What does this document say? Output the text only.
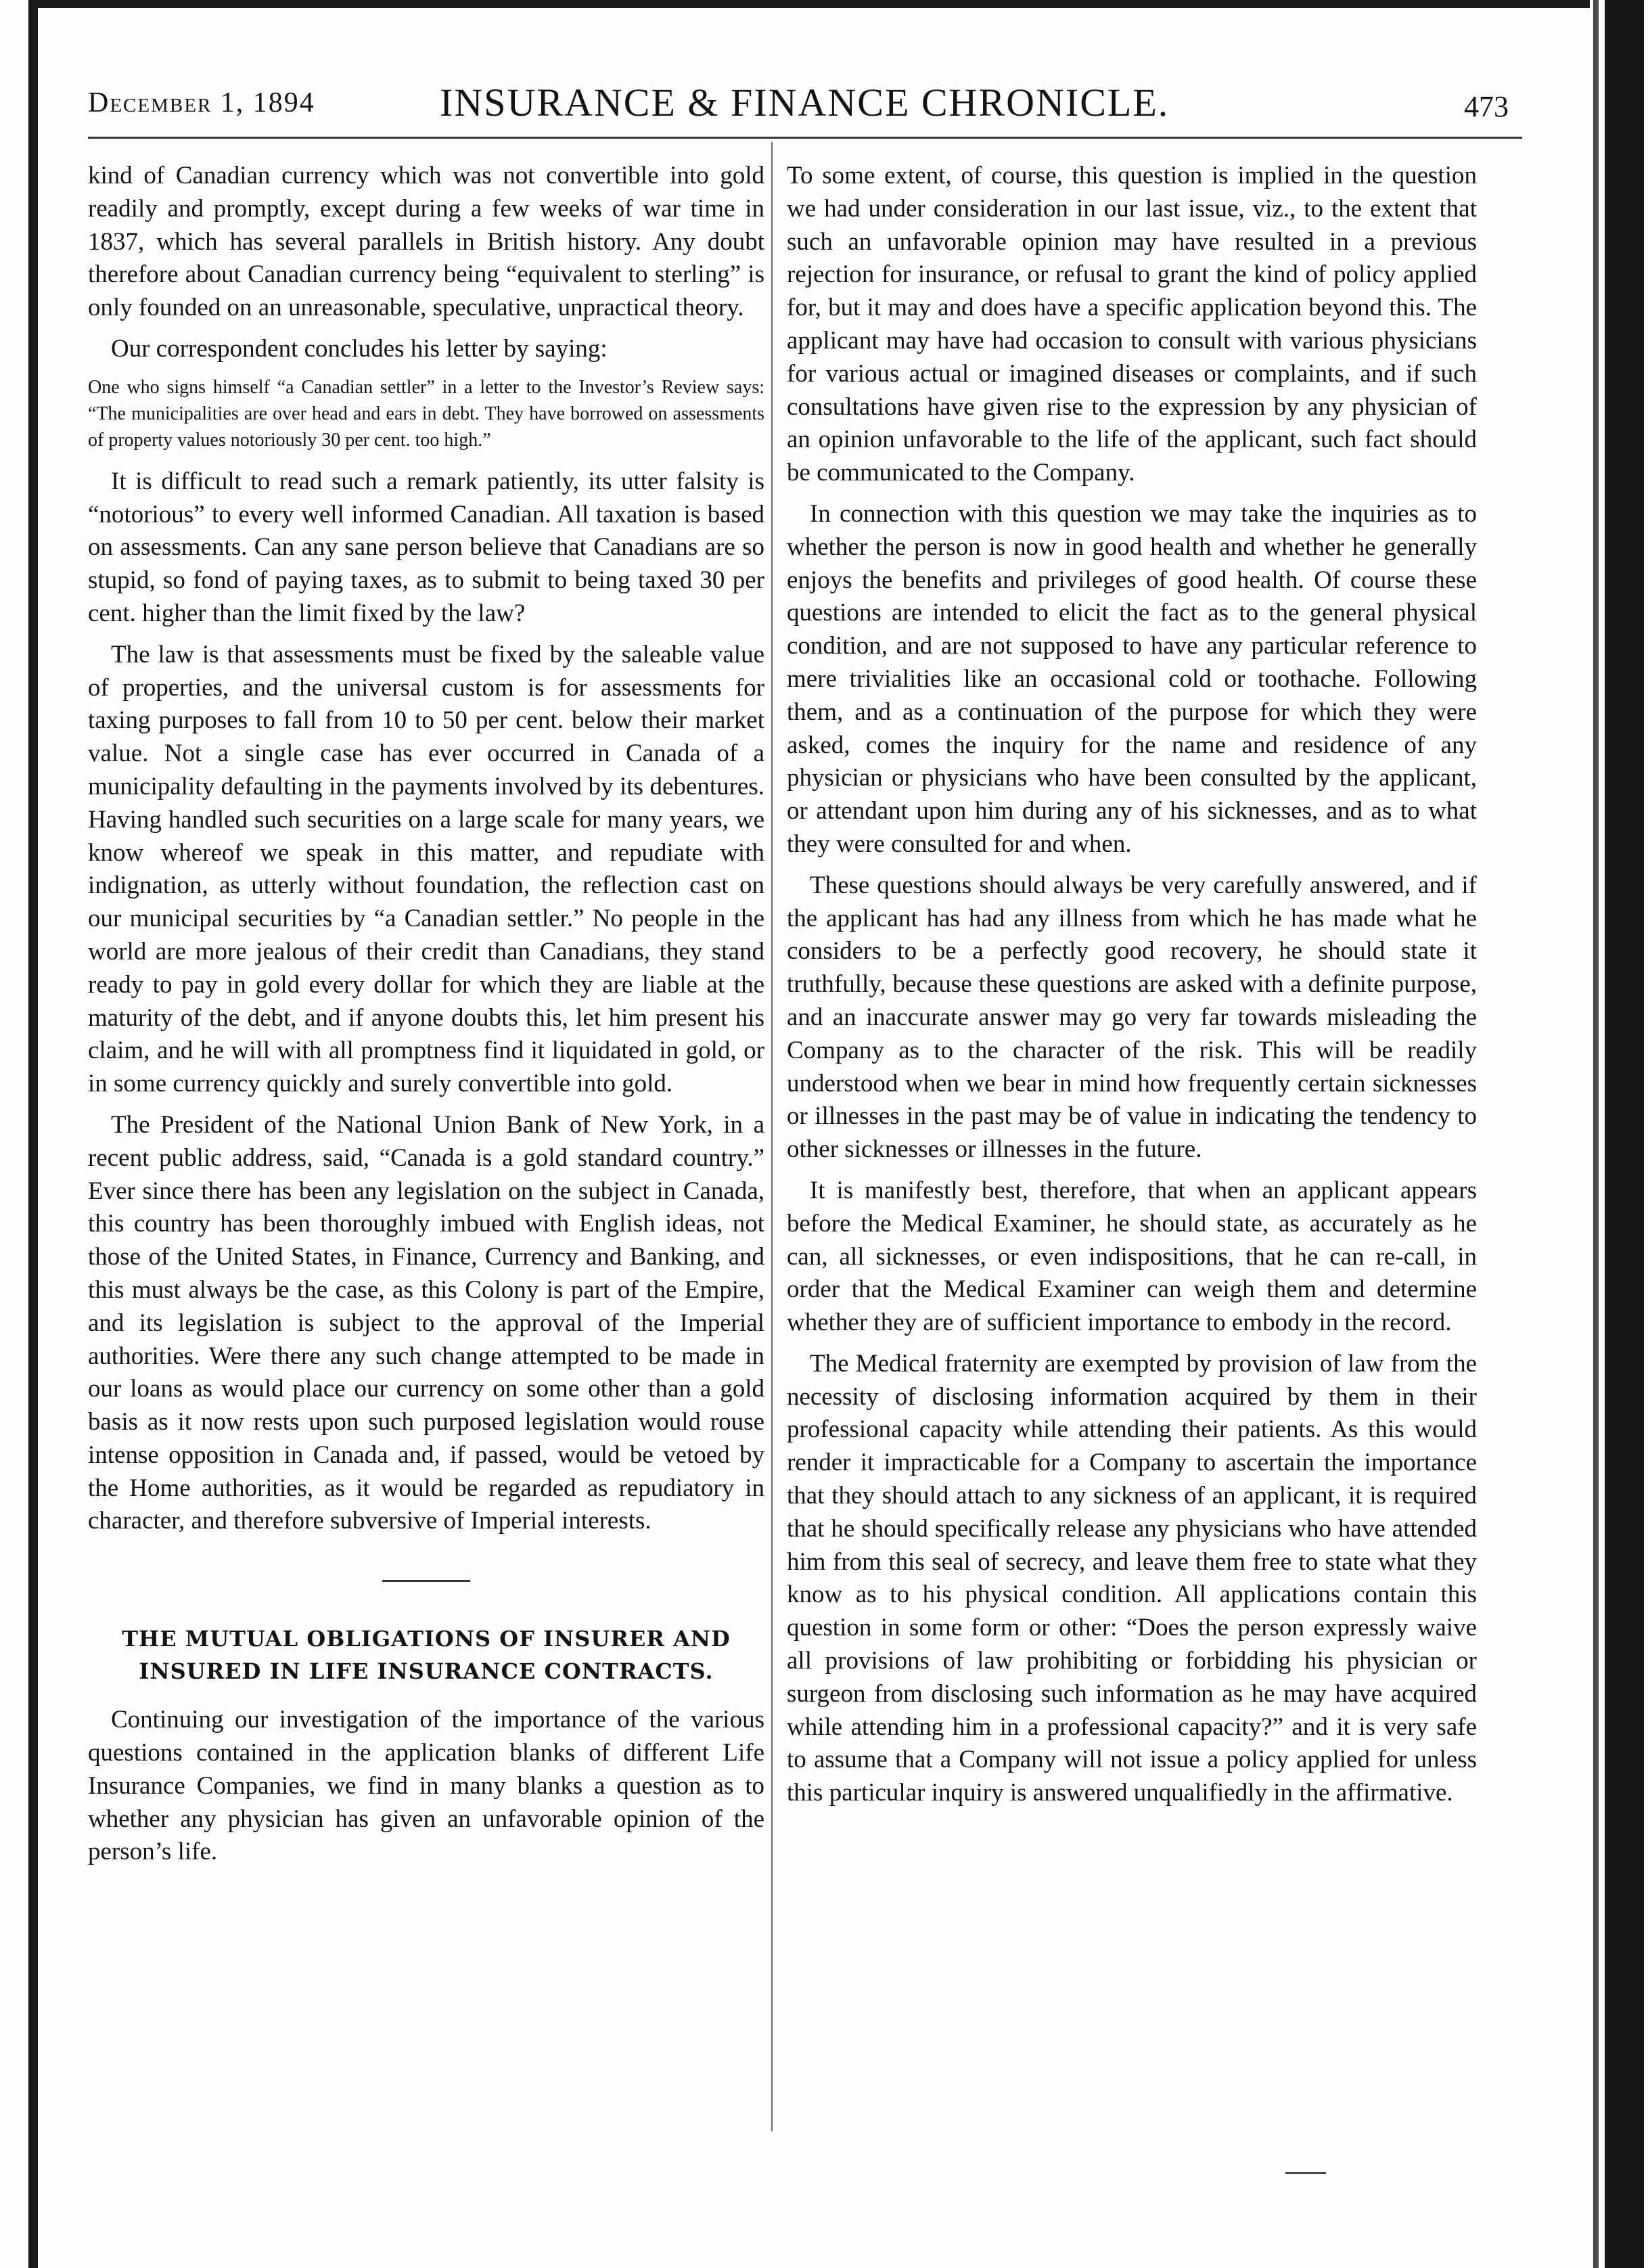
December 1, 1894	INSURANCE & FINANCE CHRONICLE.	473

kind of Canadian currency which was not convertible into gold readily and promptly, except during a few weeks of war time in 1837, which has several parallels in British history. Any doubt therefore about Canadian currency being “equivalent to sterling” is only founded on an unreasonable, speculative, unpractical theory.

Our correspondent concludes his letter by saying:

One who signs himself “a Canadian settler” in a letter to the Investor’s Review says: “The municipalities are over head and ears in debt. They have borrowed on assessments of property values notoriously 30 per cent. too high.”

It is difficult to read such a remark patiently, its utter falsity is “notorious” to every well informed Canadian. All taxation is based on assessments. Can any sane person believe that Canadians are so stupid, so fond of paying taxes, as to submit to being taxed 30 per cent. higher than the limit fixed by the law?

The law is that assessments must be fixed by the saleable value of properties, and the universal custom is for assessments for taxing purposes to fall from 10 to 50 per cent. below their market value. Not a single case has ever occurred in Canada of a municipality defaulting in the payments involved by its debentures. Having handled such securities on a large scale for many years, we know whereof we speak in this matter, and repudiate with indignation, as utterly without foundation, the reflection cast on our municipal securities by “a Canadian settler.” No people in the world are more jealous of their credit than Canadians, they stand ready to pay in gold every dollar for which they are liable at the maturity of the debt, and if anyone doubts this, let him present his claim, and he will with all promptness find it liquidated in gold, or in some currency quickly and surely convertible into gold.

The President of the National Union Bank of New York, in a recent public address, said, “Canada is a gold standard country.” Ever since there has been any legislation on the subject in Canada, this country has been thoroughly imbued with English ideas, not those of the United States, in Finance, Currency and Banking, and this must always be the case, as this Colony is part of the Empire, and its legislation is subject to the approval of the Imperial authorities. Were there any such change attempted to be made in our loans as would place our currency on some other than a gold basis as it now rests upon such purposed legislation would rouse intense opposition in Canada and, if passed, would be vetoed by the Home authorities, as it would be regarded as repudiatory in character, and therefore subversive of Imperial interests.

THE MUTUAL OBLIGATIONS OF INSURER AND INSURED IN LIFE INSURANCE CONTRACTS.

Continuing our investigation of the importance of the various questions contained in the application blanks of different Life Insurance Companies, we find in many blanks a question as to whether any physician has given an unfavorable opinion of the person’s life.

To some extent, of course, this question is implied in the question we had under consideration in our last issue, viz., to the extent that such an unfavorable opinion may have resulted in a previous rejection for insurance, or refusal to grant the kind of policy applied for, but it may and does have a specific application beyond this. The applicant may have had occasion to consult with various physicians for various actual or imagined diseases or complaints, and if such consultations have given rise to the expression by any physician of an opinion unfavorable to the life of the applicant, such fact should be communicated to the Company.

In connection with this question we may take the inquiries as to whether the person is now in good health and whether he generally enjoys the benefits and privileges of good health. Of course these questions are intended to elicit the fact as to the general physical condition, and are not supposed to have any particular reference to mere trivialities like an occasional cold or toothache. Following them, and as a continuation of the purpose for which they were asked, comes the inquiry for the name and residence of any physician or physicians who have been consulted by the applicant, or attendant upon him during any of his sicknesses, and as to what they were consulted for and when.

These questions should always be very carefully answered, and if the applicant has had any illness from which he has made what he considers to be a perfectly good recovery, he should state it truthfully, because these questions are asked with a definite purpose, and an inaccurate answer may go very far towards misleading the Company as to the character of the risk. This will be readily understood when we bear in mind how frequently certain sicknesses or illnesses in the past may be of value in indicating the tendency to other sicknesses or illnesses in the future.

It is manifestly best, therefore, that when an applicant appears before the Medical Examiner, he should state, as accurately as he can, all sicknesses, or even indispositions, that he can re-call, in order that the Medical Examiner can weigh them and determine whether they are of sufficient importance to embody in the record.

The Medical fraternity are exempted by provision of law from the necessity of disclosing information acquired by them in their professional capacity while attending their patients. As this would render it impracticable for a Company to ascertain the importance that they should attach to any sickness of an applicant, it is required that he should specifically release any physicians who have attended him from this seal of secrecy, and leave them free to state what they know as to his physical condition. All applications contain this question in some form or other: “Does the person expressly waive all provisions of law prohibiting or forbidding his physician or surgeon from disclosing such information as he may have acquired while attending him in a professional capacity?” and it is very safe to assume that a Company will not issue a policy applied for unless this particular inquiry is answered unqualifiedly in the affirmative.
